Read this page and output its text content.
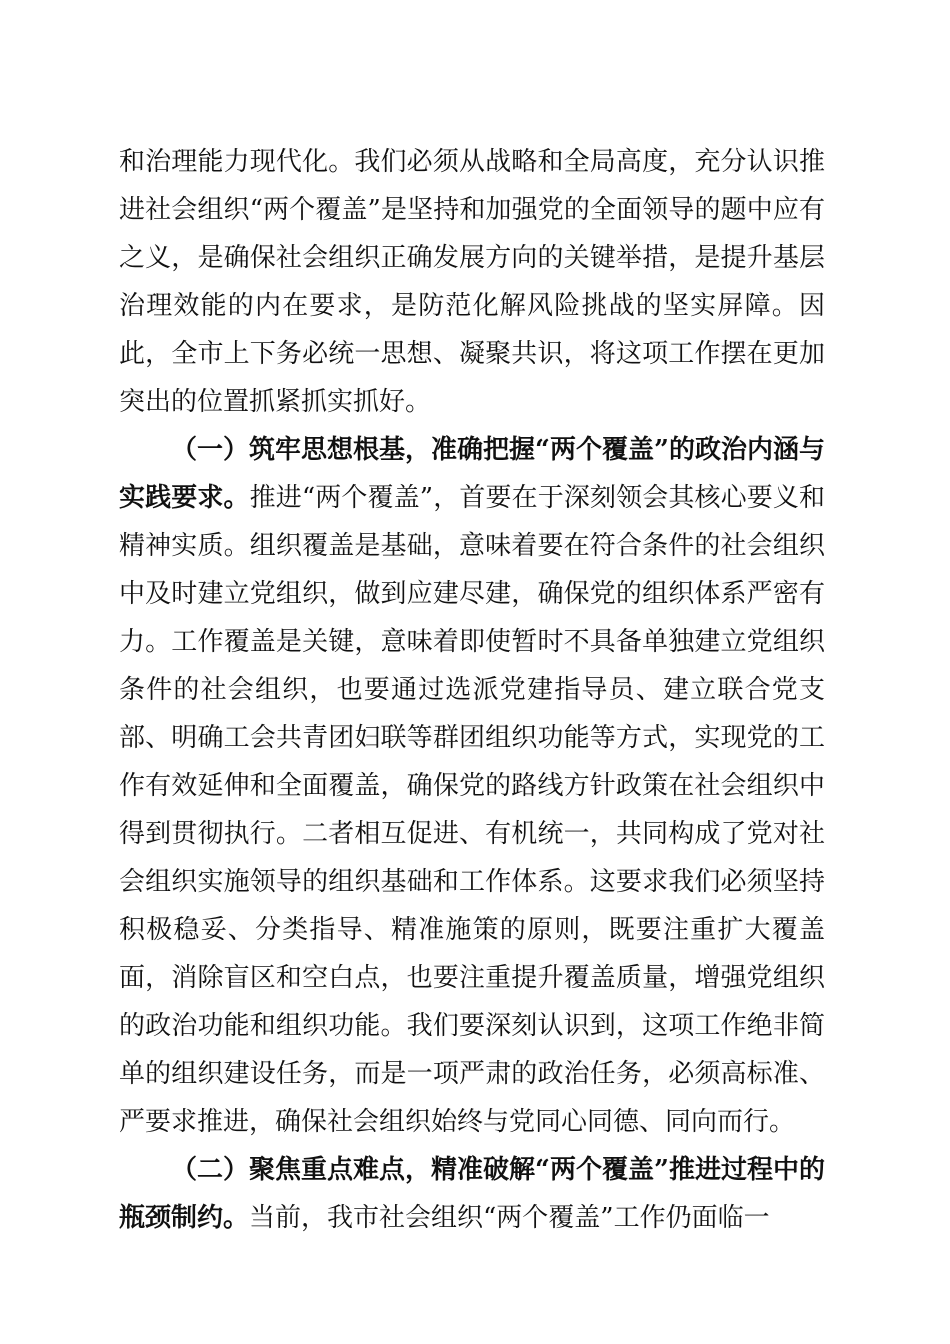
和治理能力现代化。我们必须从战略和全局高度，充分认识推进社会组织“两个覆盖”是坚持和加强党的全面领导的题中应有之义，是确保社会组织正确发展方向的关键举措，是提升基层治理效能的内在要求，是防范化解风险挑战的坚实屏障。因此，全市上下务必统一思想、凝聚共识，将这项工作摆在更加突出的位置抓紧抓实抓好。

（一）筑牢思想根基，准确把握“两个覆盖”的政治内涵与实践要求。推进“两个覆盖”，首要在于深刻领会其核心要义和精神实质。组织覆盖是基础，意味着要在符合条件的社会组织中及时建立党组织，做到应建尽建，确保党的组织体系严密有力。工作覆盖是关键，意味着即使暂时不具备单独建立党组织条件的社会组织，也要通过选派党建指导员、建立联合党支部、明确工会共青团妇联等群团组织功能等方式，实现党的工作有效延伸和全面覆盖，确保党的路线方针政策在社会组织中得到贯彻执行。二者相互促进、有机统一，共同构成了党对社会组织实施领导的组织基础和工作体系。这要求我们必须坚持积极稳妥、分类指导、精准施策的原则，既要注重扩大覆盖面，消除盲区和空白点，也要注重提升覆盖质量，增强党组织的政治功能和组织功能。我们要深刻认识到，这项工作绝非简单的组织建设任务，而是一项严肃的政治任务，必须高标准、严要求推进，确保社会组织始终与党同心同德、同向而行。

（二）聚焦重点难点，精准破解“两个覆盖”推进过程中的瓶颈制约。当前，我市社会组织“两个覆盖”工作仍面临一
